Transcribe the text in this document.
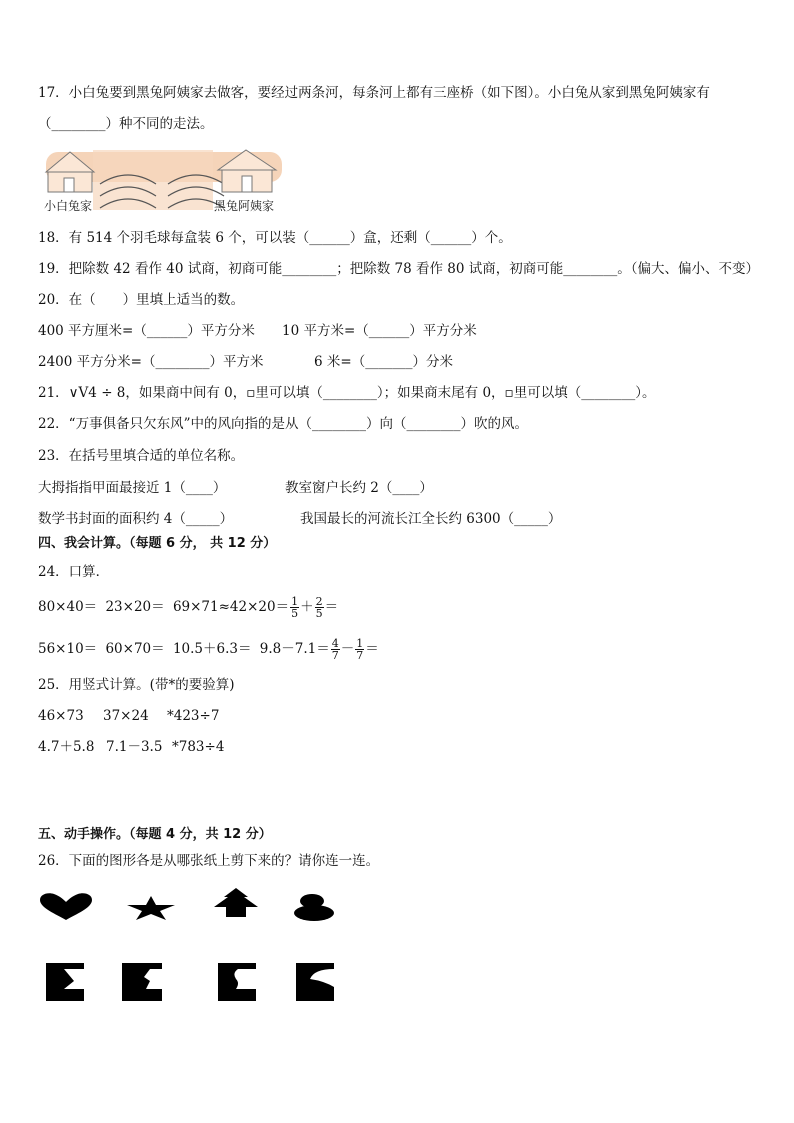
17．小白兔要到黑兔阿姨家去做客，要经过两条河，每条河上都有三座桥（如下图）。小白兔从家到黑兔阿姨家有
（________）种不同的走法。
小白兔家	黑兔阿姨家
18．有 514 个羽毛球每盒装 6 个，可以装（______）盒，还剩（______）个。
19．把除数 42 看作 40 试商，初商可能________；把除数 78 看作 80 试商，初商可能________。（偏大、偏小、不变）
20．在（　　）里填上适当的数。
400 平方厘米=（______）平方分米 10 平方米=（______）平方分米
2400 平方分米=（________）平方米	6 米=（_______）分米
21．∨Ⅴ4 ÷ 8，如果商中间有 0，▫里可以填（________）；如果商末尾有 0，▫里可以填（________）。
22．“万事俱备只欠东风”中的风向指的是从（________）向（________）吹的风。
23．在括号里填合适的单位名称。
大拇指指甲面最接近 1（____）	教室窗户长约 2（____）
数学书封面的面积约 4（_____）	我国最长的河流长江全长约 6300（_____）
四、我会计算。（每题 6 分， 共 12 分）
24．口算．
$80\times 40= 23\times 20= 69\times 71\approx 42\times 20= \frac{1}{5} + \frac{2}{5}$ ＝
$56\times 10= 60\times 70= 10.5+6.3= 9.8-7.1= \frac{4}{7} - \frac{1}{7}$ ＝
25．用竖式计算。(带*的要验算)
46×73 37×24 *423÷7
4.7＋5.8 7.1－3.5 *783÷4
五、动手操作。（每题 4 分，共 12 分）
26．下面的图形各是从哪张纸上剪下来的？请你连一连。
